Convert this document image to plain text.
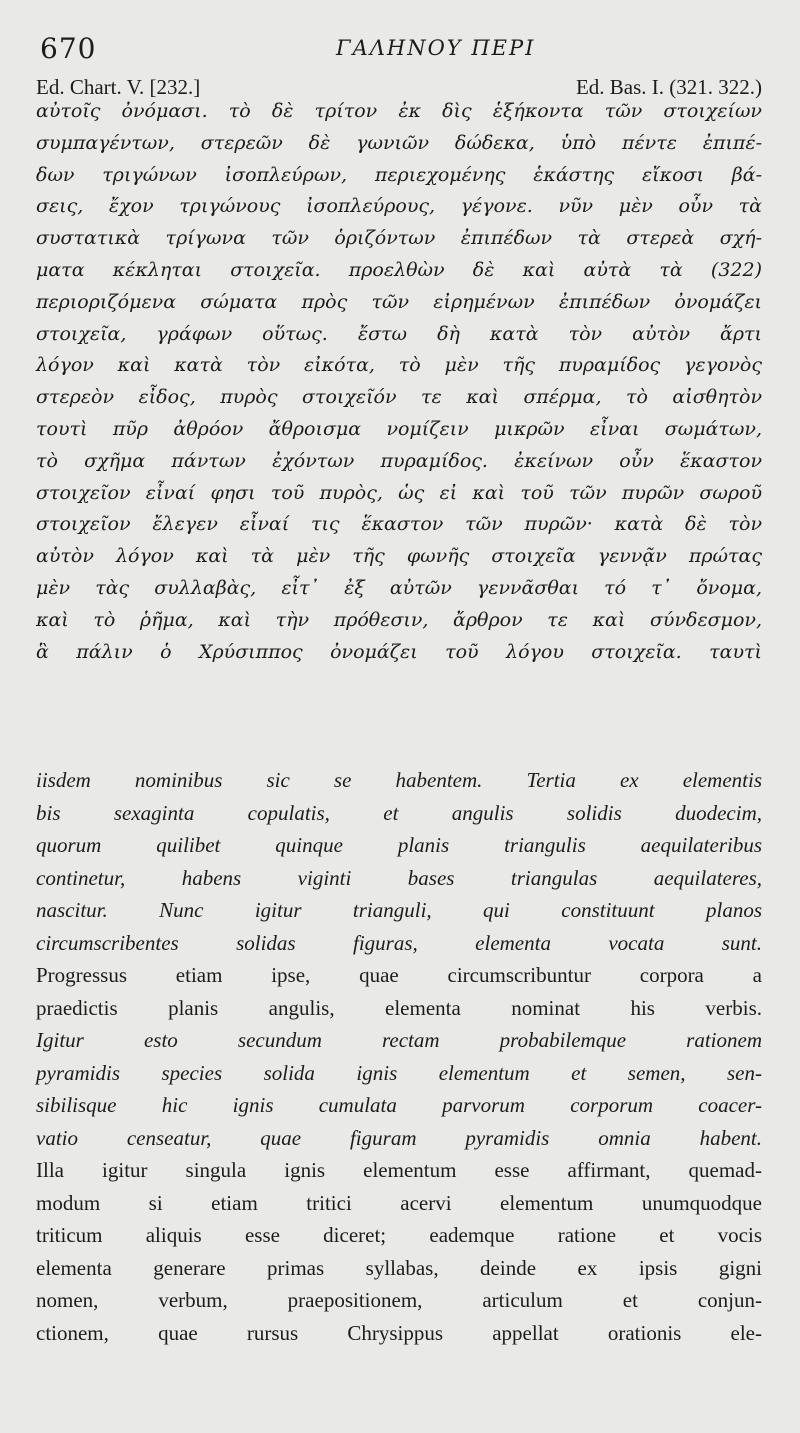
670	ΓΑΛΗΝΟΥ ΠΕΡΙ
Ed. Chart. V. [232.]	Ed. Bas. I. (321. 322.)
αὐτοῖς ὀνόμασι. τὸ δὲ τρίτον ἐκ δὶς ἑξήκοντα τῶν στοιχείων
συμπαγέντων, στερεῶν δὲ γωνιῶν δώδεκα, ὑπὸ πέντε ἐπιπέ-
δων τριγώνων ἰσοπλεύρων, περιεχομένης ἑκάστης εἴκοσι βά-
σεις, ἔχον τριγώνους ἰσοπλεύρους, γέγονε. νῦν μὲν οὖν τὰ
συστατικὰ τρίγωνα τῶν ὁριζόντων ἐπιπέδων τὰ στερεὰ σχή-
ματα κέκληται στοιχεῖα. προελθὼν δὲ καὶ αὐτὰ τὰ (322)
περιοριζόμενα σώματα πρὸς τῶν εἰρημένων ἐπιπέδων ὀνομάζει
στοιχεῖα, γράφων οὕτως. ἔστω δὴ κατὰ τὸν αὐτὸν ἄρτι
λόγον καὶ κατὰ τὸν εἰκότα, τὸ μὲν τῆς πυραμίδος γεγονὸς
στερεὸν εἶδος, πυρὸς στοιχεῖόν τε καὶ σπέρμα, τὸ αἰσθητὸν
τουτὶ πῦρ ἀθρόον ἄθροισμα νομίζειν μικρῶν εἶναι σωμάτων,
τὸ σχῆμα πάντων ἐχόντων πυραμίδος. ἐκείνων οὖν ἕκαστον
στοιχεῖον εἶναί φησι τοῦ πυρὸς, ὡς εἰ καὶ τοῦ τῶν πυρῶν σωροῦ
στοιχεῖον ἔλεγεν εἶναί τις ἕκαστον τῶν πυρῶν· κατὰ δὲ τὸν
αὐτὸν λόγον καὶ τὰ μὲν τῆς φωνῆς στοιχεῖα γεννᾷν πρώτας
μὲν τὰς συλλαβὰς, εἶτ᾽ ἐξ αὐτῶν γεννᾶσθαι τό τ᾽ ὄνομα,
καὶ τὸ ῥῆμα, καὶ τὴν πρόθεσιν, ἄρθρον τε καὶ σύνδεσμον,
ἃ πάλιν ὁ Χρύσιππος ὀνομάζει τοῦ λόγου στοιχεῖα. ταυτὶ
iisdem nominibus sic se habentem. Tertia ex elementis
bis sexaginta copulatis, et angulis solidis duodecim,
quorum quilibet quinque planis triangulis aequilateribus
continetur, habens viginti bases triangulas aequilateres,
nascitur. Nunc igitur trianguli, qui constituunt planos
circumscribentes solidas figuras, elementa vocata sunt.
Progressus etiam ipse, quae circumscribuntur corpora a
praedictis planis angulis, elementa nominat his verbis.
Igitur esto secundum rectam probabilemque rationem
pyramidis species solida ignis elementum et semen, sen-
sibilisque hic ignis cumulata parvorum corporum coacer-
vatio censeatur, quae figuram pyramidis omnia habent.
Illa igitur singula ignis elementum esse affirmant, quemad-
modum si etiam tritici acervi elementum unumquodque
triticum aliquis esse diceret; eademque ratione et vocis
elementa generare primas syllabas, deinde ex ipsis gigni
nomen, verbum, praepositionem, articulum et conjun-
ctionem, quae rursus Chrysippus appellat orationis ele-
